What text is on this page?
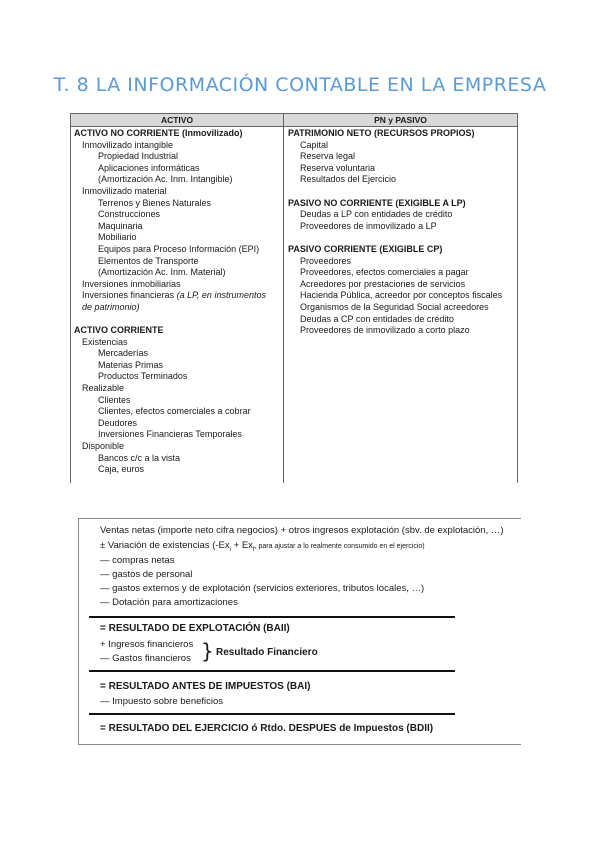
T. 8 LA INFORMACIÓN CONTABLE EN LA EMPRESA
ACTIVO	PN y PASIVO
ACTIVO NO CORRIENTE (Inmovilizado)
Inmovilizado intangible
Propiedad Industrial
Aplicaciones informáticas
(Amortización Ac. Inm. Intangible)
Inmovilizado material
Terrenos y Bienes Naturales
Construcciones
Maquinaria
Mobiliario
Equipos para Proceso Información (EPI)
Elementos de Transporte
(Amortización Ac. Inm. Material)
Inversiones inmobiliarias
Inversiones financieras (a LP, en instrumentos
de patrimonio)
ACTIVO CORRIENTE
Existencias
Mercaderías
Materias Primas
Productos Terminados
Realizable
Clientes
Clientes, efectos comerciales a cobrar
Deudores
Inversiones Financieras Temporales
Disponible
Bancos c/c a la vista
Caja, euros
PATRIMONIO NETO (RECURSOS PROPIOS)
Capital
Reserva legal
Reserva voluntaria
Resultados del Ejercicio
PASIVO NO CORRIENTE (EXIGIBLE A LP)
Deudas a LP con entidades de crédito
Proveedores de inmovilizado a LP
PASIVO CORRIENTE (EXIGIBLE CP)
Proveedores
Proveedores, efectos comerciales a pagar
Acreedores por prestaciones de servicios
Hacienda Pública, acreedor por conceptos fiscales
Organismos de la Seguridad Social acreedores
Deudas a CP con entidades de crédito
Proveedores de inmovilizado a corto plazo
Ventas netas (importe neto cifra negocios) + otros ingresos explotación (sbv. de explotación, …)
± Variación de existencias ($-Ex_i + Ex_f$, para ajustar a lo realmente consumido en el ejercicio)
— compras netas
— gastos de personal
— gastos externos y de explotación (servicios exteriores, tributos locales, …)
— Dotación para amortizaciones
= RESULTADO DE EXPLOTACIÓN (BAII)
+ Ingresos financieros
— Gastos financieros } Resultado Financiero
= RESULTADO ANTES DE IMPUESTOS (BAI)
— Impuesto sobre beneficios
= RESULTADO DEL EJERCICIO ó Rtdo. DESPUES de Impuestos (BDII)
